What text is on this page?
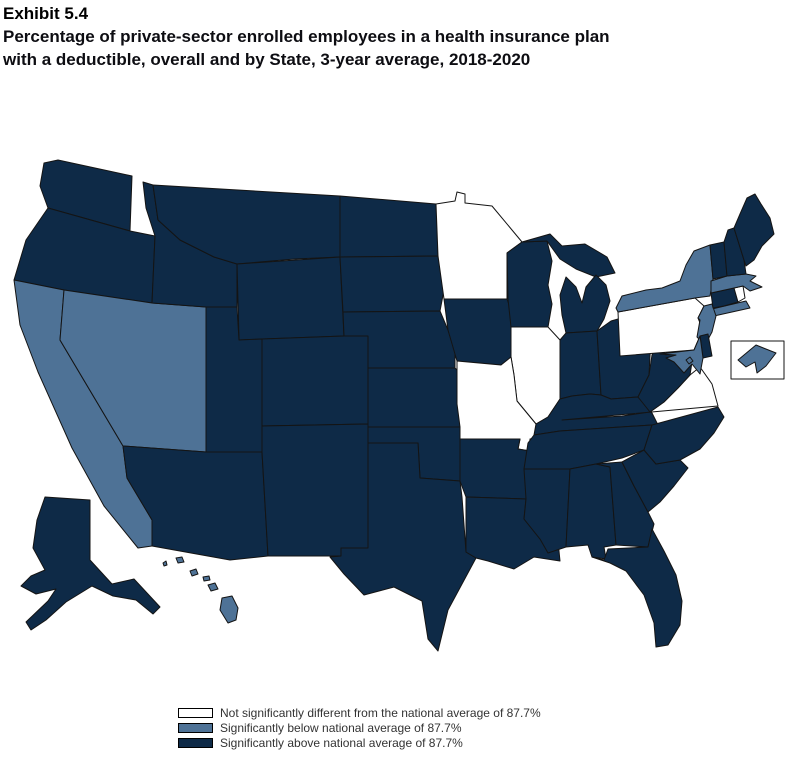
Exhibit 5.4
Percentage of private-sector enrolled employees in a health insurance plan
with a deductible, overall and by State, 3-year average, 2018-2020
Not significantly different from the national average of 87.7%
Significantly below national average of 87.7%
Significantly above national average of 87.7%
